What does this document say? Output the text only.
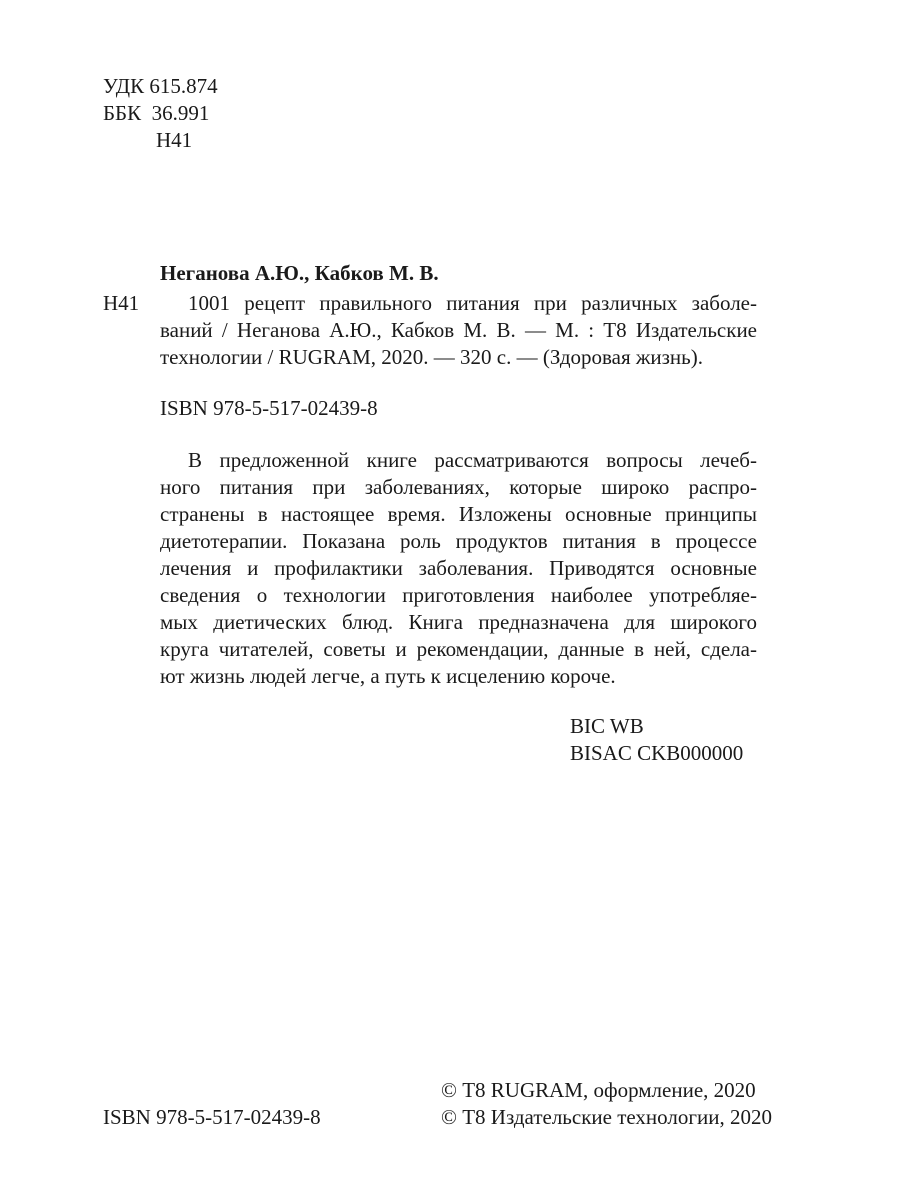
УДК 615.874
ББК  36.991
Н41
Неганова А.Ю., Кабков М. В.
Н41 1001 рецепт правильного питания при различных заболе-
ваний / Неганова А.Ю., Кабков М. В. — М. : Т8 Издательские
технологии / RUGRAM, 2020. — 320 с. — (Здоровая жизнь).
ISBN 978-5-517-02439-8
В предложенной книге рассматриваются вопросы лечеб-
ного питания при заболеваниях, которые широко распро-
странены в настоящее время. Изложены основные принципы
диетотерапии. Показана роль продуктов питания в процессе
лечения и профилактики заболевания. Приводятся основные
сведения о технологии приготовления наиболее употребляе-
мых диетических блюд. Книга предназначена для широкого
круга читателей, советы и рекомендации, данные в ней, сдела-
ют жизнь людей легче, а путь к исцелению короче.
BIC WB
BISAC CKB000000
© Т8 RUGRAM, оформление, 2020
ISBN 978-5-517-02439-8	© Т8 Издательские технологии, 2020
